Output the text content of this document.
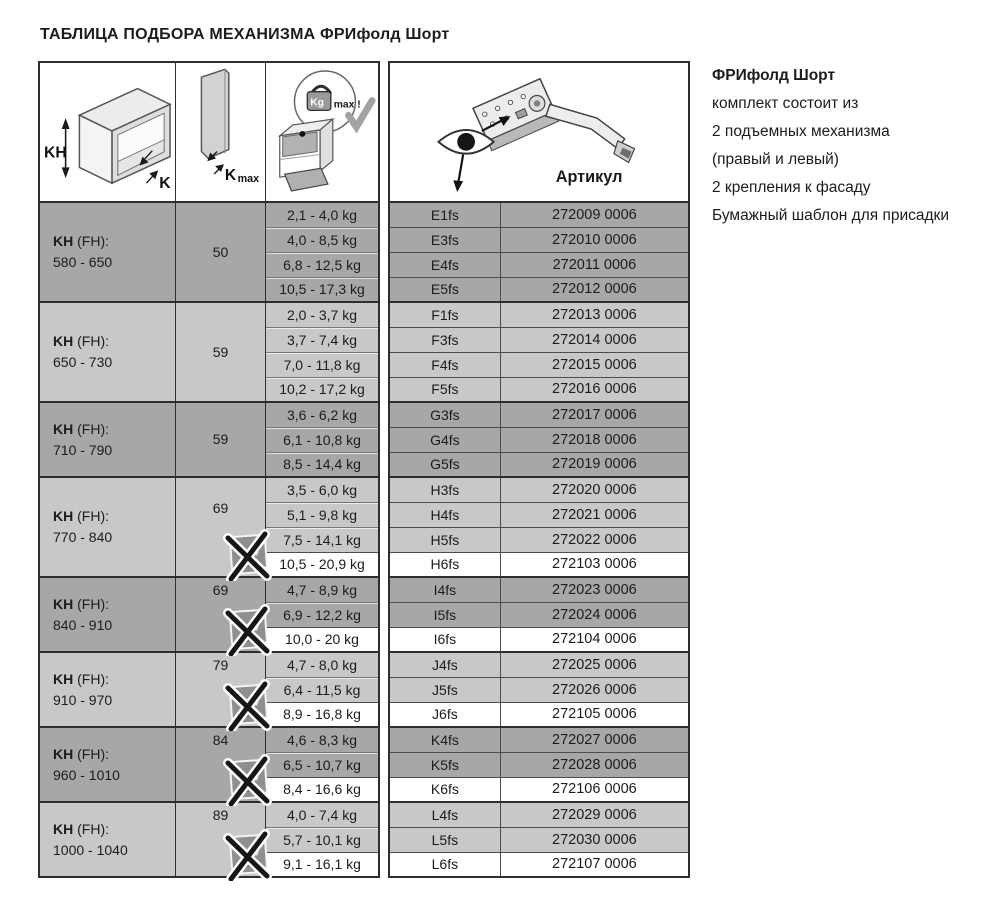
ТАБЛИЦА ПОДБОРА МЕХАНИЗМА ФРИфолд Шорт
KH
K	K max	Kg max !

KH (FH):
580 - 650	50	2,1 - 4,0 kg
		4,0 - 8,5 kg
		6,8 - 12,5 kg
		10,5 - 17,3 kg
KH (FH):
650 - 730	59	2,0 - 3,7 kg
		3,7 - 7,4 kg
		7,0 - 11,8 kg
		10,2 - 17,2 kg
KH (FH):
710 - 790	59	3,6 - 6,2 kg
		6,1 - 10,8 kg
		8,5 - 14,4 kg
KH (FH):
770 - 840	69	3,5 - 6,0 kg
		5,1 - 9,8 kg
		7,5 - 14,1 kg
		10,5 - 20,9 kg
KH (FH):
840 - 910	69	4,7 - 8,9 kg
		6,9 - 12,2 kg
		10,0 - 20 kg
KH (FH):
910 - 970	79	4,7 - 8,0 kg
		6,4 - 11,5 kg
		8,9 - 16,8 kg
KH (FH):
960 - 1010	84	4,6 - 8,3 kg
		6,5 - 10,7 kg
		8,4 - 16,6 kg
KH (FH):
1000 - 1040	89	4,0 - 7,4 kg
		5,7 - 10,1 kg
		9,1 - 16,1 kg
Артикул	

E1fs	272009 0006
E3fs	272010 0006
E4fs	272011 0006
E5fs	272012 0006
F1fs	272013 0006
F3fs	272014 0006
F4fs	272015 0006
F5fs	272016 0006
G3fs	272017 0006
G4fs	272018 0006
G5fs	272019 0006
H3fs	272020 0006
H4fs	272021 0006
H5fs	272022 0006
H6fs	272103 0006
I4fs	272023 0006
I5fs	272024 0006
I6fs	272104 0006
J4fs	272025 0006
J5fs	272026 0006
J6fs	272105 0006
K4fs	272027 0006
K5fs	272028 0006
K6fs	272106 0006
L4fs	272029 0006
L5fs	272030 0006
L6fs	272107 0006
ФРИфолд Шорт
комплект состоит из
2 подъемных механизма
(правый и левый)
2 крепления к фасаду
Бумажный шаблон для присадки
